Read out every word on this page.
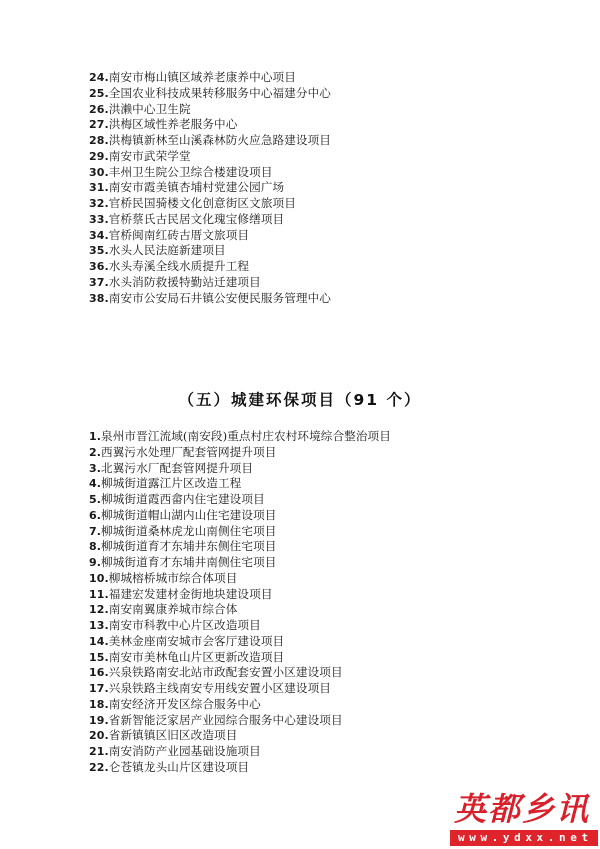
24.南安市梅山镇区域养老康养中心项目
25.全国农业科技成果转移服务中心福建分中心
26.洪濑中心卫生院
27.洪梅区域性养老服务中心
28.洪梅镇新林至山溪森林防火应急路建设项目
29.南安市武荣学堂
30.丰州卫生院公卫综合楼建设项目
31.南安市霞美镇杏埔村党建公园广场
32.官桥民国骑楼文化创意街区文旅项目
33.官桥蔡氏古民居文化瑰宝修缮项目
34.官桥闽南红砖古厝文旅项目
35.水头人民法庭新建项目
36.水头寿溪全线水质提升工程
37.水头消防救援特勤站迁建项目
38.南安市公安局石井镇公安便民服务管理中心
（五）城建环保项目（91 个）
1.泉州市晋江流域(南安段)重点村庄农村环境综合整治项目
2.西翼污水处理厂配套管网提升项目
3.北翼污水厂配套管网提升项目
4.柳城街道露江片区改造工程
5.柳城街道霞西畲内住宅建设项目
6.柳城街道帽山湖内山住宅建设项目
7.柳城街道桑林虎龙山南侧住宅项目
8.柳城街道育才东埔井东侧住宅项目
9.柳城街道育才东埔井南侧住宅项目
10.柳城榕桥城市综合体项目
11.福建宏发建材金街地块建设项目
12.南安南翼康养城市综合体
13.南安市科教中心片区改造项目
14.美林金座南安城市会客厅建设项目
15.南安市美林龟山片区更新改造项目
16.兴泉铁路南安北站市政配套安置小区建设项目
17.兴泉铁路主线南安专用线安置小区建设项目
18.南安经济开发区综合服务中心
19.省新智能泛家居产业园综合服务中心建设项目
20.省新镇镇区旧区改造项目
21.南安消防产业园基础设施项目
22.仑苍镇龙头山片区建设项目
英都乡讯
www.ydxx.net
